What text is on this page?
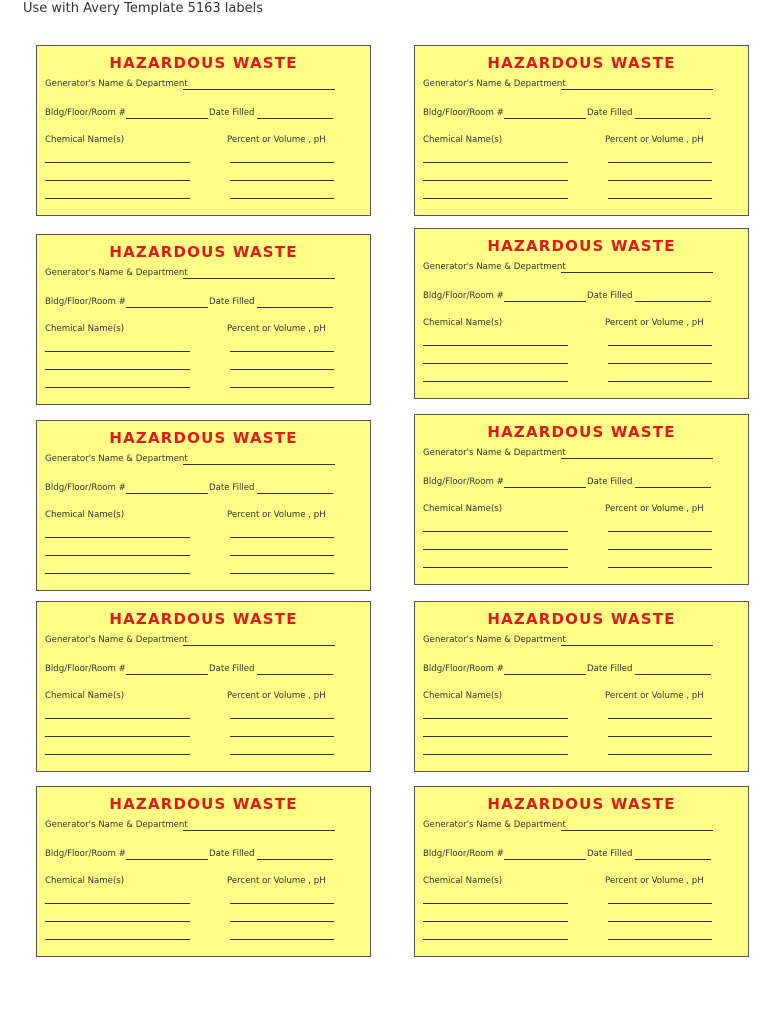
Use with Avery Template 5163 labels
HAZARDOUS WASTE
Generator's Name & Department
Bldg/Floor/Room #	Date Filled
Chemical Name(s)	Percent or Volume , pH
HAZARDOUS WASTE
Generator's Name & Department
Bldg/Floor/Room #	Date Filled
Chemical Name(s)	Percent or Volume , pH
HAZARDOUS WASTE
Generator's Name & Department
Bldg/Floor/Room #	Date Filled
Chemical Name(s)	Percent or Volume , pH
HAZARDOUS WASTE
Generator's Name & Department
Bldg/Floor/Room #	Date Filled
Chemical Name(s)	Percent or Volume , pH
HAZARDOUS WASTE
Generator's Name & Department
Bldg/Floor/Room #	Date Filled
Chemical Name(s)	Percent or Volume , pH
HAZARDOUS WASTE
Generator's Name & Department
Bldg/Floor/Room #	Date Filled
Chemical Name(s)	Percent or Volume , pH
HAZARDOUS WASTE
Generator's Name & Department
Bldg/Floor/Room #	Date Filled
Chemical Name(s)	Percent or Volume , pH
HAZARDOUS WASTE
Generator's Name & Department
Bldg/Floor/Room #	Date Filled
Chemical Name(s)	Percent or Volume , pH
HAZARDOUS WASTE
Generator's Name & Department
Bldg/Floor/Room #	Date Filled
Chemical Name(s)	Percent or Volume , pH
HAZARDOUS WASTE
Generator's Name & Department
Bldg/Floor/Room #	Date Filled
Chemical Name(s)	Percent or Volume , pH
